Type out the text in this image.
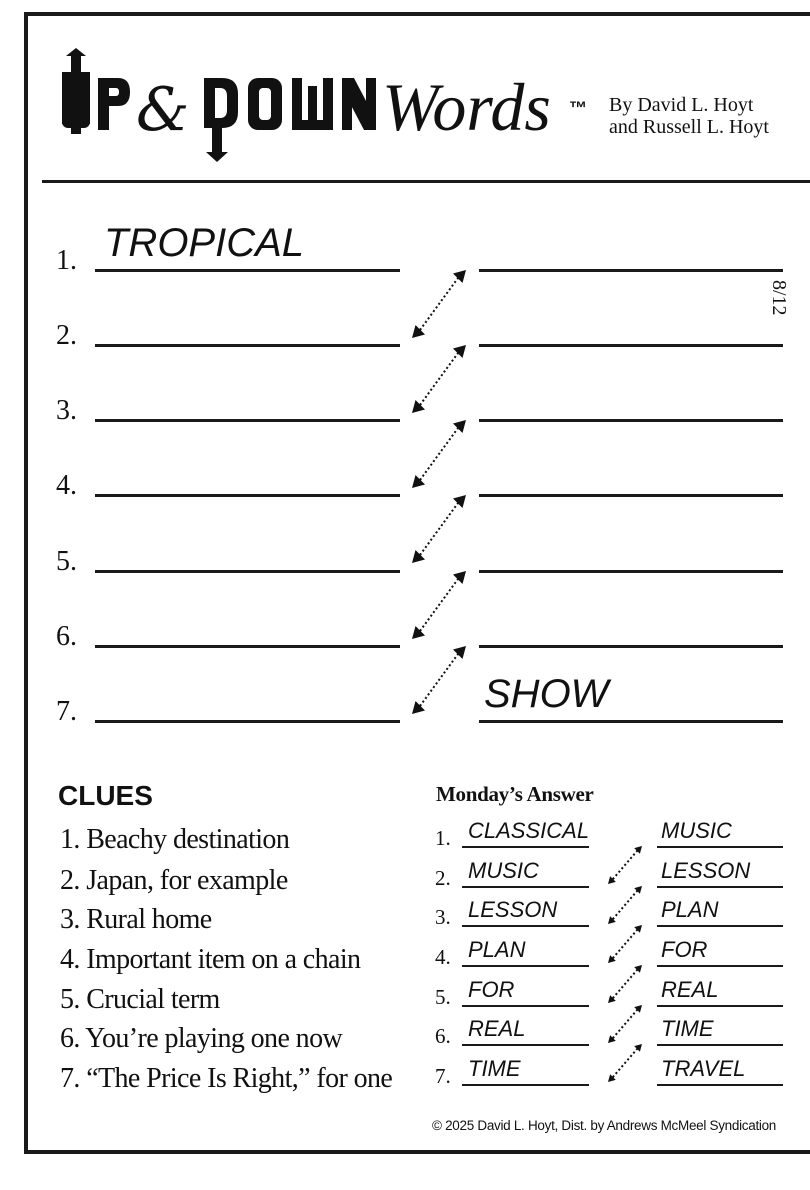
&	Words ™ By David L. Hoyt
and Russell L. Hoyt
8/12
1. TROPICAL
2.
3.
4.
5.
6.
7.	SHOW
CLUES
1. Beachy destination
2. Japan, for example
3. Rural home
4. Important item on a chain
5. Crucial term
6. You’re playing one now
7. “The Price Is Right,” for one
Monday’s Answer
1. CLASSICAL	MUSIC
2. MUSIC	LESSON
3. LESSON	PLAN
4. PLAN	FOR
5. FOR	REAL
6. REAL	TIME
7. TIME	TRAVEL
© 2025 David L. Hoyt, Dist. by Andrews McMeel Syndication
